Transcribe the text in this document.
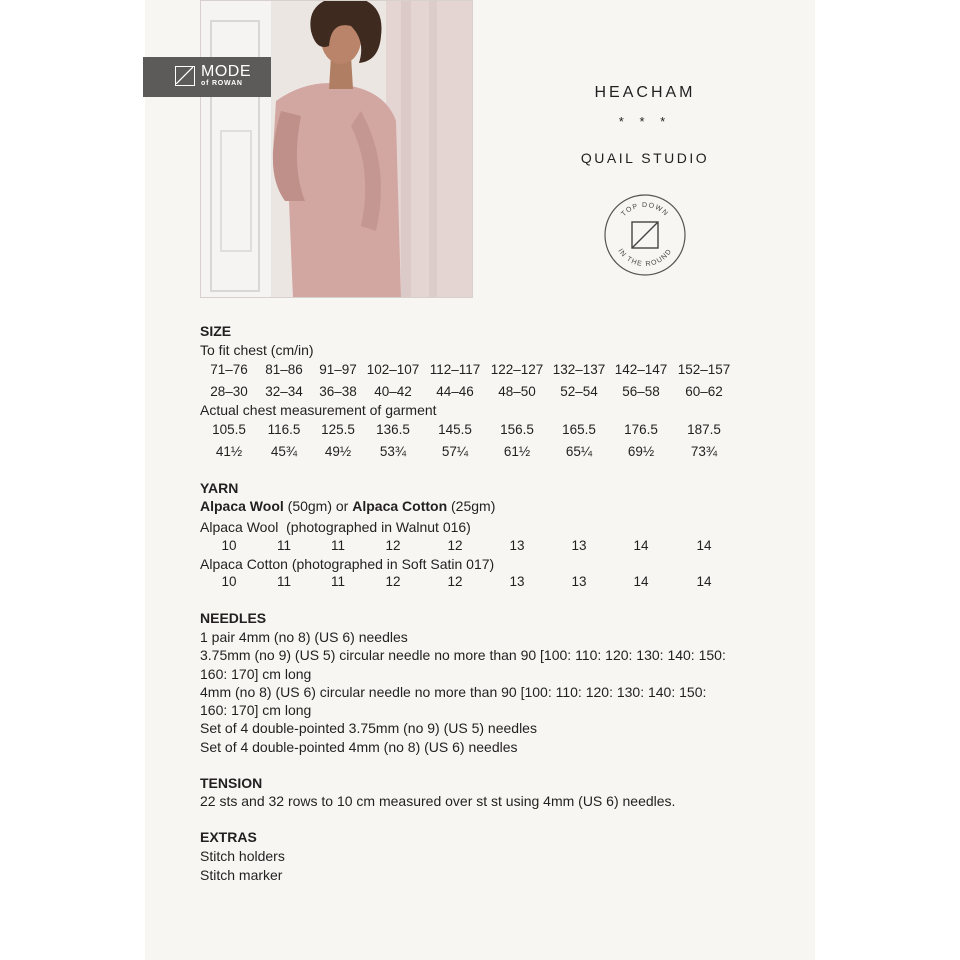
MODE
of ROWAN
HEACHAM
* * *
QUAIL STUDIO
TOP DOWN
IN THE ROUND
SIZE
To fit chest (cm/in)
Actual chest measurement of garment
YARN
Alpaca Wool (50gm) or Alpaca Cotton (25gm)
Alpaca Wool  (photographed in Walnut 016)
Alpaca Cotton (photographed in Soft Satin 017)
NEEDLES
1 pair 4mm (no 8) (US 6) needles
3.75mm (no 9) (US 5) circular needle no more than 90 [100: 110: 120: 130: 140: 150:
160: 170] cm long
4mm (no 8) (US 6) circular needle no more than 90 [100: 110: 120: 130: 140: 150:
160: 170] cm long
Set of 4 double-pointed 3.75mm (no 9) (US 5) needles
Set of 4 double-pointed 4mm (no 8) (US 6) needles
TENSION
22 sts and 32 rows to 10 cm measured over st st using 4mm (US 6) needles.
EXTRAS
Stitch holders
Stitch marker
71–76	81–86	91–97 102–107 112–117 122–127 132–137 142–147 152–157
28–30	32–34	36–38	40–42	44–46	48–50	52–54	56–58	60–62
105.5	116.5	125.5	136.5	145.5	156.5	165.5	176.5	187.5
41½	45¾	49½	53¾	57¼	61½	65¼	69½	73¾
10	11	11	12	12	13	13	14	14
10	11	11	12	12	13	13	14	14
